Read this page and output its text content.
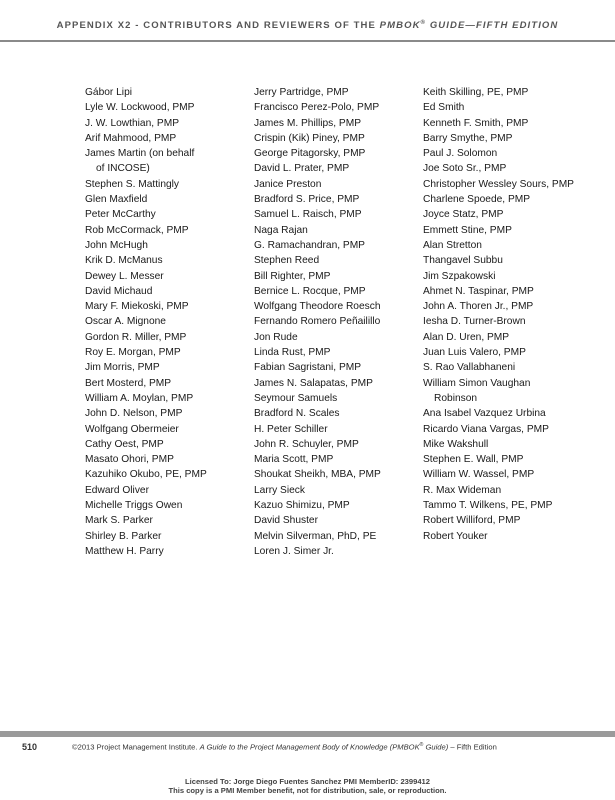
APPENDIX X2 - CONTRIBUTORS AND REVIEWERS OF THE PMBOK® GUIDE—FIFTH EDITION
Gábor Lipi
Lyle W. Lockwood, PMP
J. W. Lowthian, PMP
Arif Mahmood, PMP
James Martin (on behalf
of INCOSE)
Stephen S. Mattingly
Glen Maxfield
Peter McCarthy
Rob McCormack, PMP
John McHugh
Krik D. McManus
Dewey L. Messer
David Michaud
Mary F. Miekoski, PMP
Oscar A. Mignone
Gordon R. Miller, PMP
Roy E. Morgan, PMP
Jim Morris, PMP
Bert Mosterd, PMP
William A. Moylan, PMP
John D. Nelson, PMP
Wolfgang Obermeier
Cathy Oest, PMP
Masato Ohori, PMP
Kazuhiko Okubo, PE, PMP
Edward Oliver
Michelle Triggs Owen
Mark S. Parker
Shirley B. Parker
Matthew H. Parry
Jerry Partridge, PMP
Francisco Perez-Polo, PMP
James M. Phillips, PMP
Crispin (Kik) Piney, PMP
George Pitagorsky, PMP
David L. Prater, PMP
Janice Preston
Bradford S. Price, PMP
Samuel L. Raisch, PMP
Naga Rajan
G. Ramachandran, PMP
Stephen Reed
Bill Righter, PMP
Bernice L. Rocque, PMP
Wolfgang Theodore Roesch
Fernando Romero Peñailillo
Jon Rude
Linda Rust, PMP
Fabian Sagristani, PMP
James N. Salapatas, PMP
Seymour Samuels
Bradford N. Scales
H. Peter Schiller
John R. Schuyler, PMP
Maria Scott, PMP
Shoukat Sheikh, MBA, PMP
Larry Sieck
Kazuo Shimizu, PMP
David Shuster
Melvin Silverman, PhD, PE
Loren J. Simer Jr.
Keith Skilling, PE, PMP
Ed Smith
Kenneth F. Smith, PMP
Barry Smythe, PMP
Paul J. Solomon
Joe Soto Sr., PMP
Christopher Wessley Sours, PMP
Charlene Spoede, PMP
Joyce Statz, PMP
Emmett Stine, PMP
Alan Stretton
Thangavel Subbu
Jim Szpakowski
Ahmet N. Taspinar, PMP
John A. Thoren Jr., PMP
Iesha D. Turner-Brown
Alan D. Uren, PMP
Juan Luis Valero, PMP
S. Rao Vallabhaneni
William Simon Vaughan
Robinson
Ana Isabel Vazquez Urbina
Ricardo Viana Vargas, PMP
Mike Wakshull
Stephen E. Wall, PMP
William W. Wassel, PMP
R. Max Wideman
Tammo T. Wilkens, PE, PMP
Robert Williford, PMP
Robert Youker
510	©2013 Project Management Institute. A Guide to the Project Management Body of Knowledge (PMBOK® Guide) – Fifth Edition
Licensed To: Jorge Diego Fuentes Sanchez PMI MemberID: 2399412
This copy is a PMI Member benefit, not for distribution, sale, or reproduction.
